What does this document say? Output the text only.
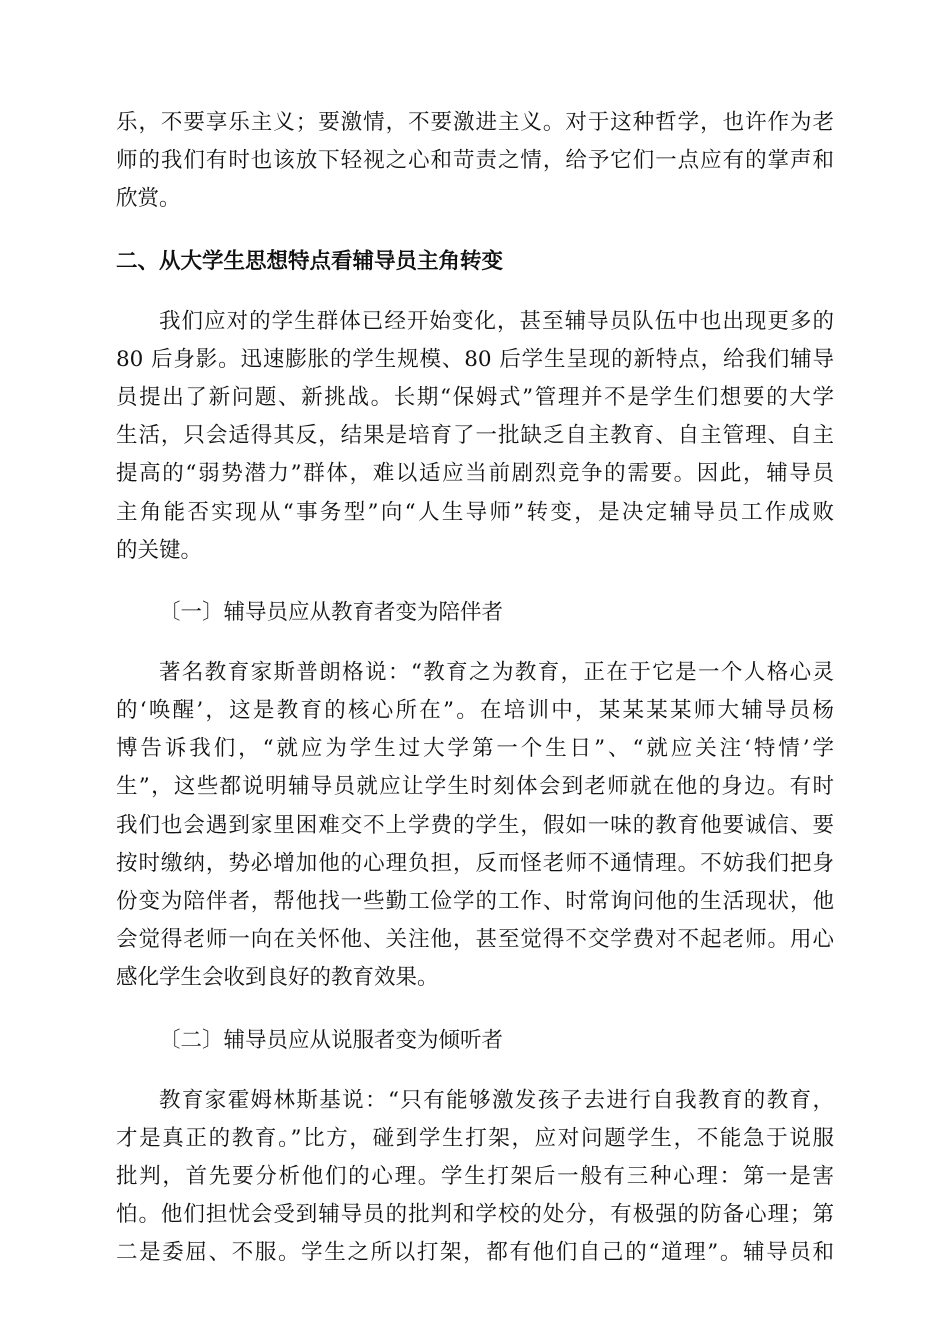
乐，不要享乐主义；要激情，不要激进主义。对于这种哲学，也许作为老
师的我们有时也该放下轻视之心和苛责之情，给予它们一点应有的掌声和
欣赏。
二、从大学生思想特点看辅导员主角转变
我们应对的学生群体已经开始变化，甚至辅导员队伍中也出现更多的
80 后身影。迅速膨胀的学生规模、80 后学生呈现的新特点，给我们辅导
员提出了新问题、新挑战。长期“保姆式”管理并不是学生们想要的大学
生活，只会适得其反，结果是培育了一批缺乏自主教育、自主管理、自主
提高的“弱势潜力”群体，难以适应当前剧烈竞争的需要。因此，辅导员
主角能否实现从“事务型”向“人生导师”转变，是决定辅导员工作成败
的关键。
〔一〕辅导员应从教育者变为陪伴者
著名教育家斯普朗格说：“教育之为教育，正在于它是一个人格心灵
的‘唤醒’，这是教育的核心所在”。在培训中，某某某某师大辅导员杨
博告诉我们，“就应为学生过大学第一个生日”、“就应关注‘特情’学
生”，这些都说明辅导员就应让学生时刻体会到老师就在他的身边。有时
我们也会遇到家里困难交不上学费的学生，假如一味的教育他要诚信、要
按时缴纳，势必增加他的心理负担，反而怪老师不通情理。不妨我们把身
份变为陪伴者，帮他找一些勤工俭学的工作、时常询问他的生活现状，他
会觉得老师一向在关怀他、关注他，甚至觉得不交学费对不起老师。用心
感化学生会收到良好的教育效果。
〔二〕辅导员应从说服者变为倾听者
教育家霍姆林斯基说：“只有能够激发孩子去进行自我教育的教育，
才是真正的教育。”比方，碰到学生打架，应对问题学生，不能急于说服
批判，首先要分析他们的心理。学生打架后一般有三种心理：第一是害
怕。他们担忧会受到辅导员的批判和学校的处分，有极强的防备心理；第
二是委屈、不服。学生之所以打架，都有他们自己的“道理”。辅导员和
